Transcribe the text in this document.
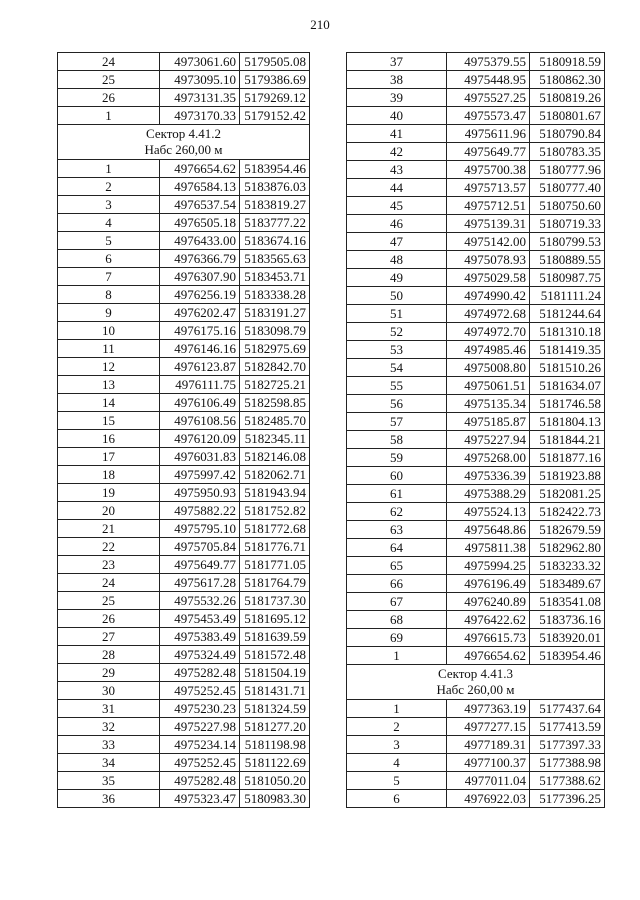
210
24	4973061.60	5179505.08
25	4973095.10	5179386.69
26	4973131.35	5179269.12
1	4973170.33	5179152.42

Сектор 4.41.2
Набс 260,00 м		

1	4976654.62	5183954.46
2	4976584.13	5183876.03
3	4976537.54	5183819.27
4	4976505.18	5183777.22
5	4976433.00	5183674.16
6	4976366.79	5183565.63
7	4976307.90	5183453.71
8	4976256.19	5183338.28
9	4976202.47	5183191.27
10	4976175.16	5183098.79
11	4976146.16	5182975.69
12	4976123.87	5182842.70
13	4976111.75	5182725.21
14	4976106.49	5182598.85
15	4976108.56	5182485.70
16	4976120.09	5182345.11
17	4976031.83	5182146.08
18	4975997.42	5182062.71
19	4975950.93	5181943.94
20	4975882.22	5181752.82
21	4975795.10	5181772.68
22	4975705.84	5181776.71
23	4975649.77	5181771.05
24	4975617.28	5181764.79
25	4975532.26	5181737.30
26	4975453.49	5181695.12
27	4975383.49	5181639.59
28	4975324.49	5181572.48
29	4975282.48	5181504.19
30	4975252.45	5181431.71
31	4975230.23	5181324.59
32	4975227.98	5181277.20
33	4975234.14	5181198.98
34	4975252.45	5181122.69
35	4975282.48	5181050.20
36	4975323.47	5180983.30
37	4975379.55	5180918.59
38	4975448.95	5180862.30
39	4975527.25	5180819.26
40	4975573.47	5180801.67
41	4975611.96	5180790.84
42	4975649.77	5180783.35
43	4975700.38	5180777.96
44	4975713.57	5180777.40
45	4975712.51	5180750.60
46	4975139.31	5180719.33
47	4975142.00	5180799.53
48	4975078.93	5180889.55
49	4975029.58	5180987.75
50	4974990.42	5181111.24
51	4974972.68	5181244.64
52	4974972.70	5181310.18
53	4974985.46	5181419.35
54	4975008.80	5181510.26
55	4975061.51	5181634.07
56	4975135.34	5181746.58
57	4975185.87	5181804.13
58	4975227.94	5181844.21
59	4975268.00	5181877.16
60	4975336.39	5181923.88
61	4975388.29	5182081.25
62	4975524.13	5182422.73
63	4975648.86	5182679.59
64	4975811.38	5182962.80
65	4975994.25	5183233.32
66	4976196.49	5183489.67
67	4976240.89	5183541.08
68	4976422.62	5183736.16
69	4976615.73	5183920.01
1	4976654.62	5183954.46

Сектор 4.41.3
Набс 260,00 м		

1	4977363.19	5177437.64
2	4977277.15	5177413.59
3	4977189.31	5177397.33
4	4977100.37	5177388.98
5	4977011.04	5177388.62
6	4976922.03	5177396.25
